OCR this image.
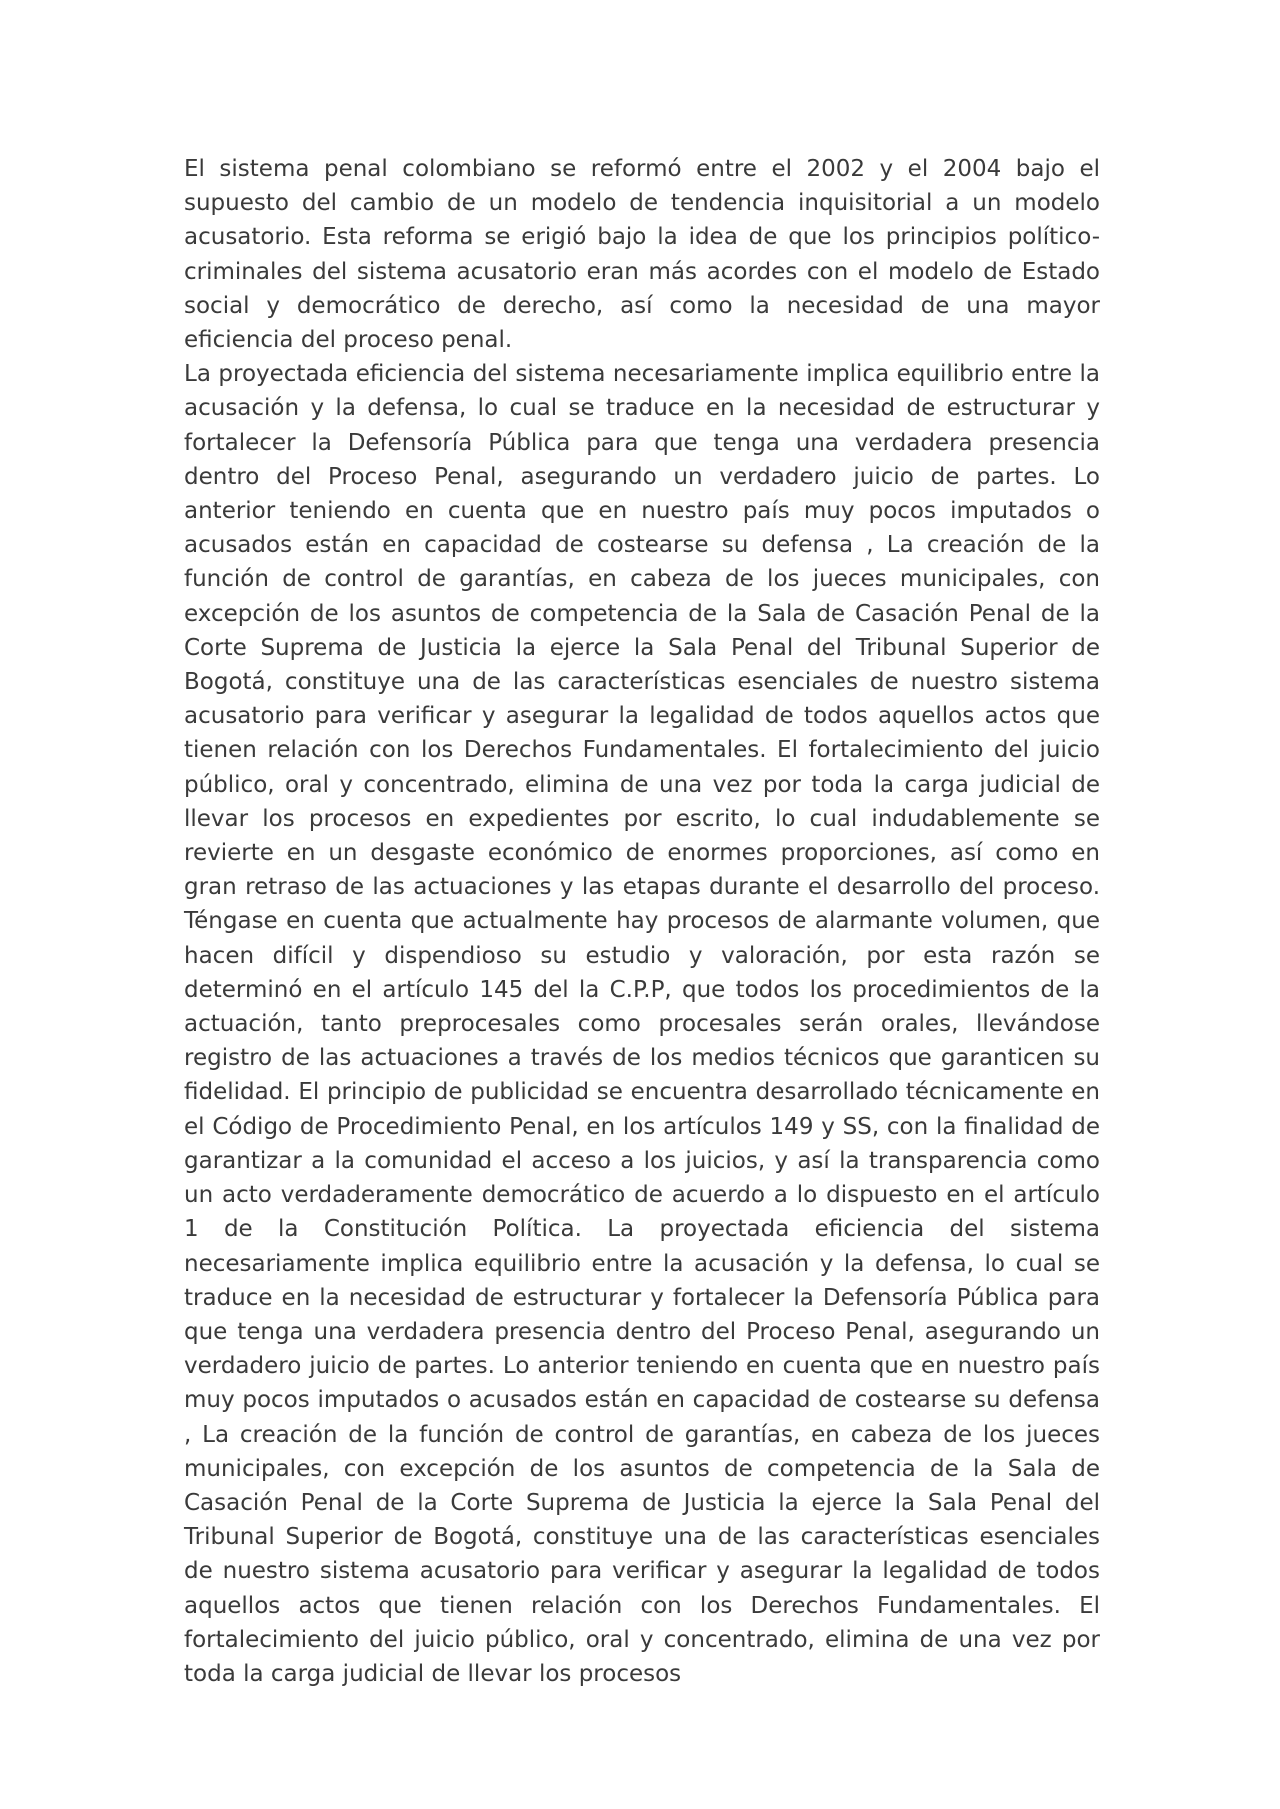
El sistema penal colombiano se reformó entre el 2002 y el 2004 bajo el supuesto del cambio de un modelo de tendencia inquisitorial a un modelo acusatorio. Esta reforma se erigió bajo la idea de que los principios político-criminales del sistema acusatorio eran más acordes con el modelo de Estado social y democrático de derecho, así como la necesidad de una mayor eficiencia del proceso penal.

La proyectada eficiencia del sistema necesariamente implica equilibrio entre la acusación y la defensa, lo cual se traduce en la necesidad de estructurar y fortalecer la Defensoría Pública para que tenga una verdadera presencia dentro del Proceso Penal, asegurando un verdadero juicio de partes. Lo anterior teniendo en cuenta que en nuestro país muy pocos imputados o acusados están en capacidad de costearse su defensa , La creación de la función de control de garantías, en cabeza de los jueces municipales, con excepción de los asuntos de competencia de la Sala de Casación Penal de la Corte Suprema de Justicia la ejerce la Sala Penal del Tribunal Superior de Bogotá, constituye una de las características esenciales de nuestro sistema acusatorio para verificar y asegurar la legalidad de todos aquellos actos que tienen relación con los Derechos Fundamentales. El fortalecimiento del juicio público, oral y concentrado, elimina de una vez por toda la carga judicial de llevar los procesos en expedientes por escrito, lo cual indudablemente se revierte en un desgaste económico de enormes proporciones, así como en gran retraso de las actuaciones y las etapas durante el desarrollo del proceso. Téngase en cuenta que actualmente hay procesos de alarmante volumen, que hacen difícil y dispendioso su estudio y valoración, por esta razón se determinó en el artículo 145 del la C.P.P, que todos los procedimientos de la actuación, tanto preprocesales como procesales serán orales, llevándose registro de las actuaciones a través de los medios técnicos que garanticen su fidelidad. El principio de publicidad se encuentra desarrollado técnicamente en el Código de Procedimiento Penal, en los artículos 149 y SS, con la finalidad de garantizar a la comunidad el acceso a los juicios, y así la transparencia como un acto verdaderamente democrático de acuerdo a lo dispuesto en el artículo 1 de la Constitución Política. La proyectada eficiencia del sistema necesariamente implica equilibrio entre la acusación y la defensa, lo cual se traduce en la necesidad de estructurar y fortalecer la Defensoría Pública para que tenga una verdadera presencia dentro del Proceso Penal, asegurando un verdadero juicio de partes. Lo anterior teniendo en cuenta que en nuestro país muy pocos imputados o acusados están en capacidad de costearse su defensa , La creación de la función de control de garantías, en cabeza de los jueces municipales, con excepción de los asuntos de competencia de la Sala de Casación Penal de la Corte Suprema de Justicia la ejerce la Sala Penal del Tribunal Superior de Bogotá, constituye una de las características esenciales de nuestro sistema acusatorio para verificar y asegurar la legalidad de todos aquellos actos que tienen relación con los Derechos Fundamentales. El fortalecimiento del juicio público, oral y concentrado, elimina de una vez por toda la carga judicial de llevar los procesos
